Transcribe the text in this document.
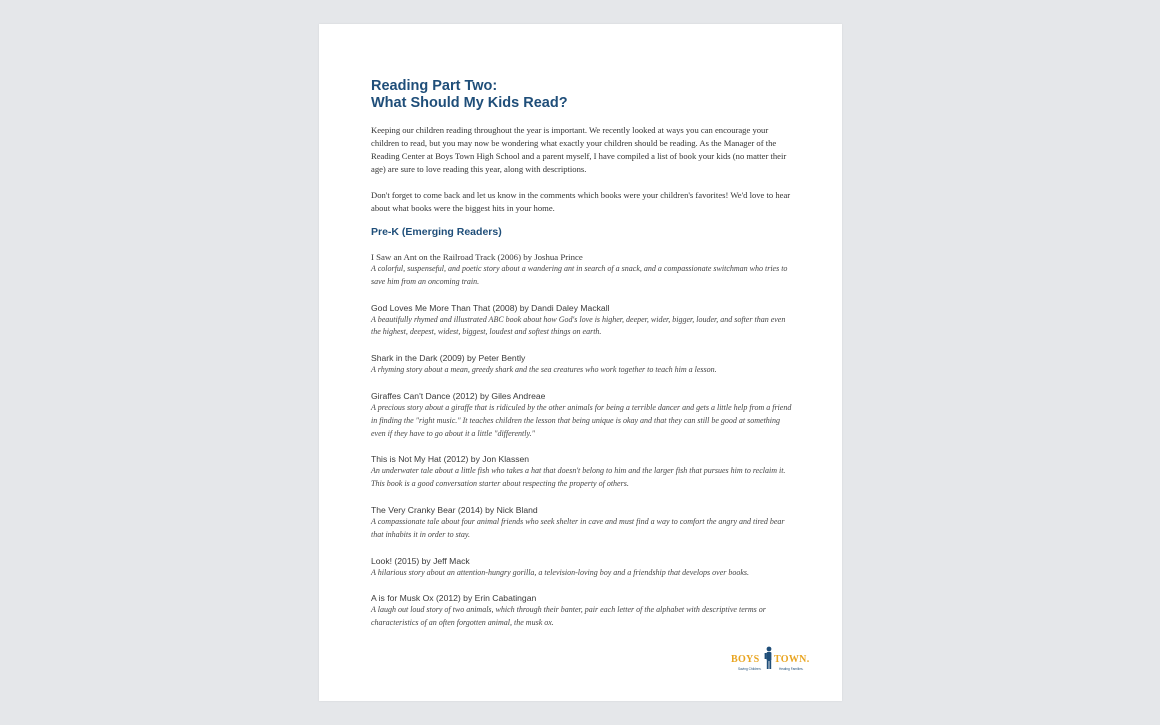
Reading Part Two:
What Should My Kids Read?

Keeping our children reading throughout the year is important. We recently looked at ways you can encourage your children to read, but you may now be wondering what exactly your children should be reading. As the Manager of the Reading Center at Boys Town High School and a parent myself, I have compiled a list of book your kids (no matter their age) are sure to love reading this year, along with descriptions.

Don't forget to come back and let us know in the comments which books were your children's favorites! We'd love to hear about what books were the biggest hits in your home.

Pre-K (Emerging Readers)
I Saw an Ant on the Railroad Track (2006) by Joshua Prince
A colorful, suspenseful, and poetic story about a wandering ant in search of a snack, and a compassionate switchman who tries to save him from an oncoming train.
God Loves Me More Than That (2008) by Dandi Daley Mackall
A beautifully rhymed and illustrated ABC book about how God's love is higher, deeper, wider, bigger, louder, and softer than even the highest, deepest, widest, biggest, loudest and softest things on earth.
Shark in the Dark (2009) by Peter Bently
A rhyming story about a mean, greedy shark and the sea creatures who work together to teach him a lesson.
Giraffes Can't Dance (2012) by Giles Andreae
A precious story about a giraffe that is ridiculed by the other animals for being a terrible dancer and gets a little help from a friend in finding the "right music." It teaches children the lesson that being unique is okay and that they can still be good at something even if they have to go about it a little "differently."
This is Not My Hat (2012) by Jon Klassen
An underwater tale about a little fish who takes a hat that doesn't belong to him and the larger fish that pursues him to reclaim it. This book is a good conversation starter about respecting the property of others.
The Very Cranky Bear (2014) by Nick Bland
A compassionate tale about four animal friends who seek shelter in cave and must find a way to comfort the angry and tired bear that inhabits it in order to stay.
Look! (2015) by Jeff Mack
A hilarious story about an attention-hungry gorilla, a television-loving boy and a friendship that develops over books.
A is for Musk Ox (2012) by Erin Cabatingan
A laugh out loud story of two animals, which through their banter, pair each letter of the alphabet with descriptive terms or characteristics of an often forgotten animal, the musk ox.
BOYS TOWN.
Saving Children.	Healing Families.
